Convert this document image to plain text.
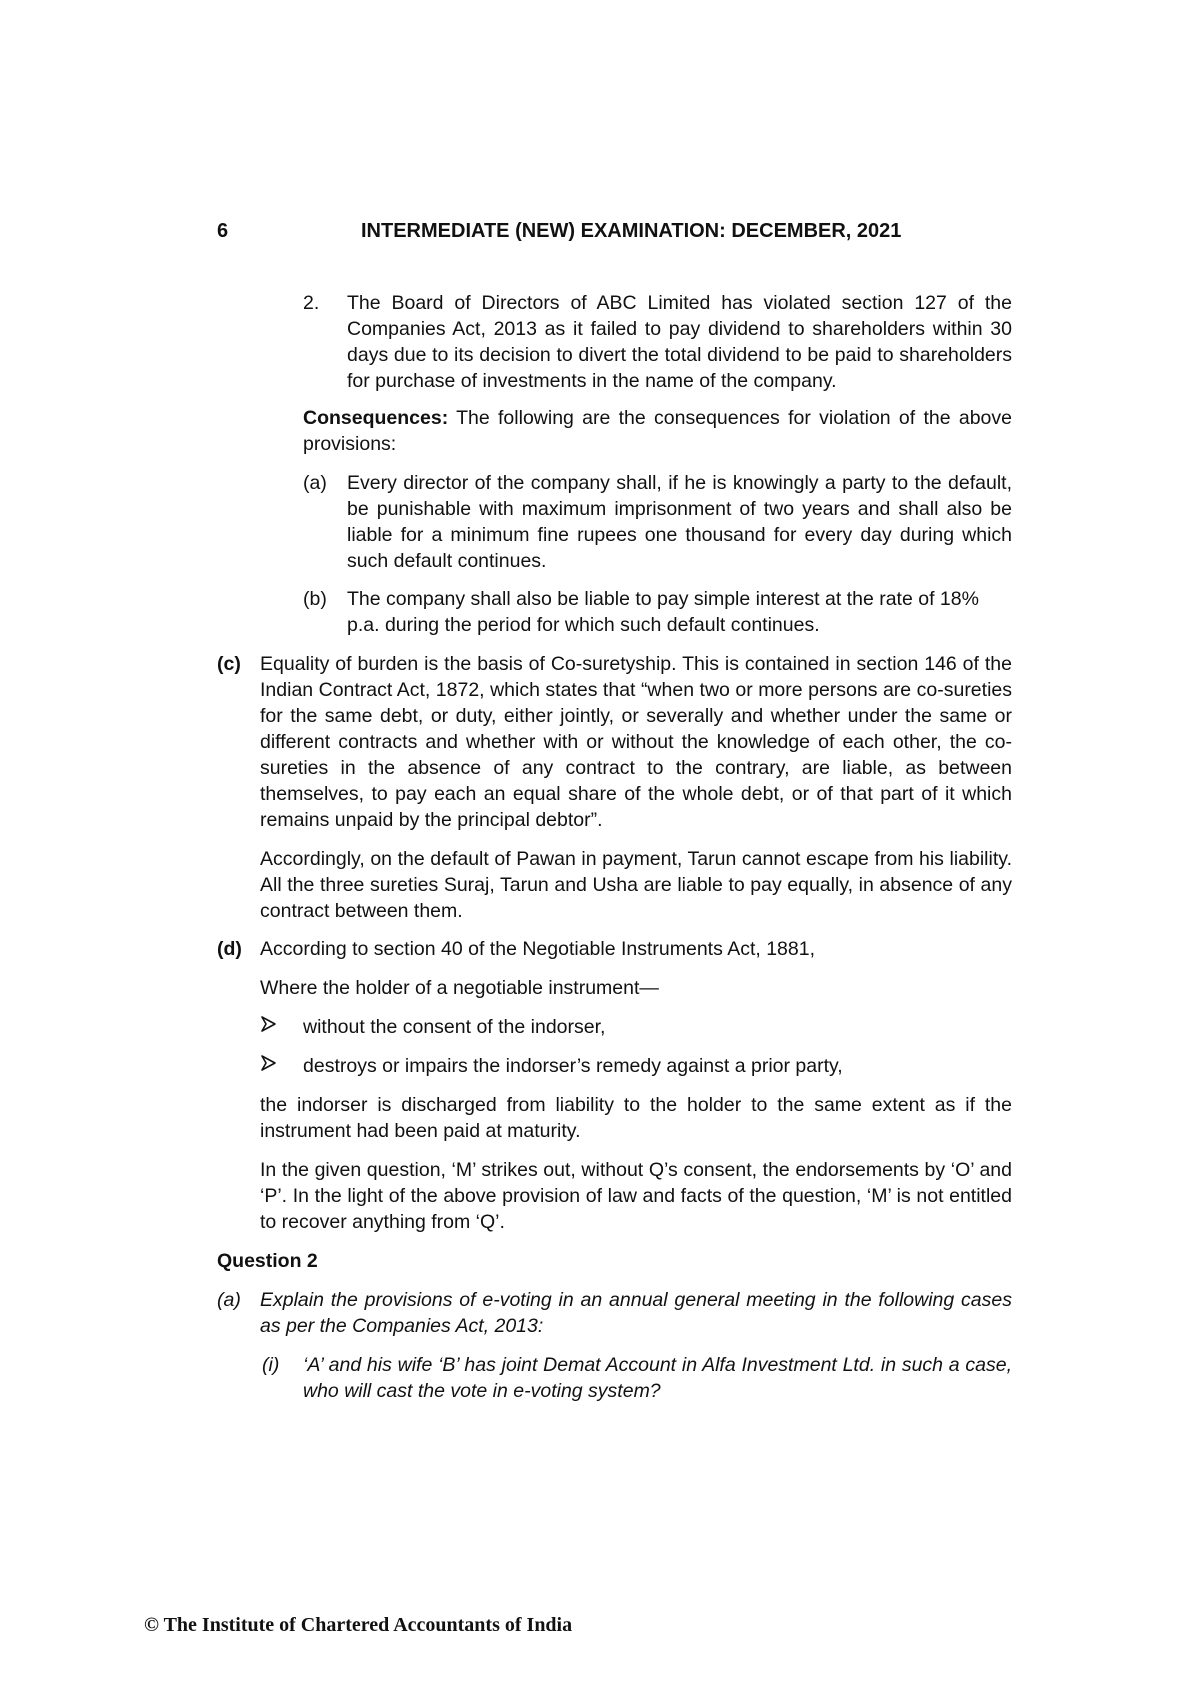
6	INTERMEDIATE (NEW) EXAMINATION: DECEMBER, 2021
2. The Board of Directors of ABC Limited has violated section 127 of the Companies Act, 2013 as it failed to pay dividend to shareholders within 30 days due to its decision to divert the total dividend to be paid to shareholders for purchase of investments in the name of the company.
Consequences: The following are the consequences for violation of the above provisions:
(a) Every director of the company shall, if he is knowingly a party to the default, be punishable with maximum imprisonment of two years and shall also be liable for a minimum fine rupees one thousand for every day during which such default continues.
(b) The company shall also be liable to pay simple interest at the rate of 18% p.a. during the period for which such default continues.
(c) Equality of burden is the basis of Co-suretyship. This is contained in section 146 of the Indian Contract Act, 1872, which states that “when two or more persons are co-sureties for the same debt, or duty, either jointly, or severally and whether under the same or different contracts and whether with or without the knowledge of each other, the co-sureties in the absence of any contract to the contrary, are liable, as between themselves, to pay each an equal share of the whole debt, or of that part of it which remains unpaid by the principal debtor”.
Accordingly, on the default of Pawan in payment, Tarun cannot escape from his liability. All the three sureties Suraj, Tarun and Usha are liable to pay equally, in absence of any contract between them.
(d) According to section 40 of the Negotiable Instruments Act, 1881,
Where the holder of a negotiable instrument—
without the consent of the indorser,
destroys or impairs the indorser’s remedy against a prior party,
the indorser is discharged from liability to the holder to the same extent as if the instrument had been paid at maturity.
In the given question, ‘M’ strikes out, without Q’s consent, the endorsements by ‘O’ and ‘P’. In the light of the above provision of law and facts of the question, ‘M’ is not entitled to recover anything from ‘Q’.
Question 2
(a) Explain the provisions of e-voting in an annual general meeting in the following cases as per the Companies Act, 2013:
(i) ‘A’ and his wife ‘B’ has joint Demat Account in Alfa Investment Ltd. in such a case, who will cast the vote in e-voting system?
© The Institute of Chartered Accountants of India
